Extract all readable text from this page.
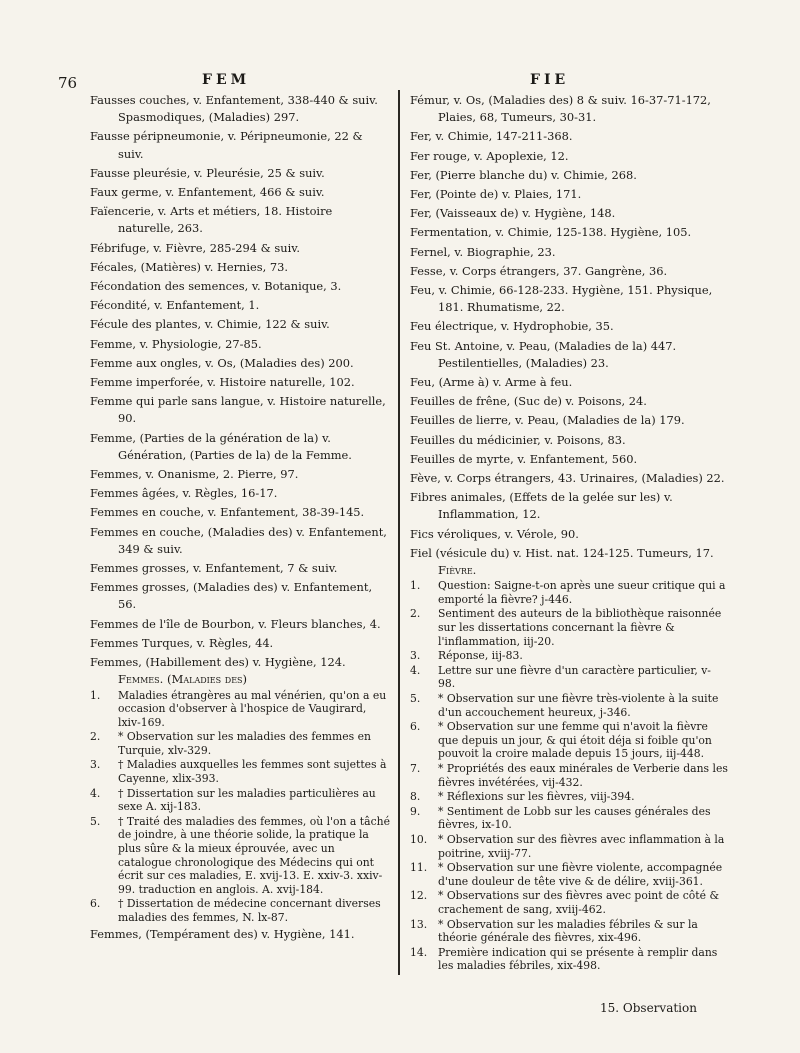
76	FEM	FIE

Fausses couches, v. Enfantement, 338-440 & suiv. Spasmodiques, (Maladies) 297.

Fausse péripneumonie, v. Péripneumonie, 22 & suiv.

Fausse pleurésie, v. Pleurésie, 25 & suiv.

Faux germe, v. Enfantement, 466 & suiv.

Faïencerie, v. Arts et métiers, 18. Histoire naturelle, 263.

Fébrifuge, v. Fièvre, 285-294 & suiv.

Fécales, (Matières) v. Hernies, 73.

Fécondation des semences, v. Botanique, 3.

Fécondité, v. Enfantement, 1.

Fécule des plantes, v. Chimie, 122 & suiv.

Femme, v. Physiologie, 27-85.

Femme aux ongles, v. Os, (Maladies des) 200.

Femme imperforée, v. Histoire naturelle, 102.

Femme qui parle sans langue, v. Histoire naturelle, 90.

Femme, (Parties de la génération de la) v. Génération, (Parties de la) de la Femme.

Femmes, v. Onanisme, 2. Pierre, 97.

Femmes âgées, v. Règles, 16-17.

Femmes en couche, v. Enfantement, 38-39-145.

Femmes en couche, (Maladies des) v. Enfantement, 349 & suiv.

Femmes grosses, v. Enfantement, 7 & suiv.

Femmes grosses, (Maladies des) v. Enfantement, 56.

Femmes de l'île de Bourbon, v. Fleurs blanches, 4.

Femmes Turques, v. Règles, 44.

Femmes, (Habillement des) v. Hygiène, 124.

Femmes. (Maladies des)

1.	Maladies étrangères au mal vénérien, qu'on a eu occasion d'observer à l'hospice de Vaugirard, lxiv-169.
2.	* Observation sur les maladies des femmes en Turquie, xlv-329.
3.	† Maladies auxquelles les femmes sont sujettes à Cayenne, xlix-393.
4.	† Dissertation sur les maladies particulières au sexe A. xij-183.
5.	† Traité des maladies des femmes, où l'on a tâché de joindre, à une théorie solide, la pratique la plus sûre & la mieux éprouvée, avec un catalogue chronologique des Médecins qui ont écrit sur ces maladies, E. xvij-13. E. xxiv-3. xxiv-99. traduction en anglois. A. xvij-184.
6.	† Dissertation de médecine concernant diverses maladies des femmes, N. lx-87.

Femmes, (Tempérament des) v. Hygiène, 141.

Fémur, v. Os, (Maladies des) 8 & suiv. 16-37-71-172, Plaies, 68, Tumeurs, 30-31.

Fer, v. Chimie, 147-211-368.

Fer rouge, v. Apoplexie, 12.

Fer, (Pierre blanche du) v. Chimie, 268.

Fer, (Pointe de) v. Plaies, 171.

Fer, (Vaisseaux de) v. Hygiène, 148.

Fermentation, v. Chimie, 125-138. Hygiène, 105.

Fernel, v. Biographie, 23.

Fesse, v. Corps étrangers, 37. Gangrène, 36.

Feu, v. Chimie, 66-128-233. Hygiène, 151. Physique, 181. Rhumatisme, 22.

Feu électrique, v. Hydrophobie, 35.

Feu St. Antoine, v. Peau, (Maladies de la) 447. Pestilentielles, (Maladies) 23.

Feu, (Arme à) v. Arme à feu.

Feuilles de frêne, (Suc de) v. Poisons, 24.

Feuilles de lierre, v. Peau, (Maladies de la) 179.

Feuilles du médicinier, v. Poisons, 83.

Feuilles de myrte, v. Enfantement, 560.

Fève, v. Corps étrangers, 43. Urinaires, (Maladies) 22.

Fibres animales, (Effets de la gelée sur les) v. Inflammation, 12.

Fics véroliques, v. Vérole, 90.

Fiel (vésicule du) v. Hist. nat. 124-125. Tumeurs, 17.

Fièvre.

1.	Question: Saigne-t-on après une sueur critique qui a emporté la fièvre? j-446.
2.	Sentiment des auteurs de la bibliothèque raisonnée sur les dissertations concernant la fièvre & l'inflammation, iij-20.
3.	Réponse, iij-83.
4.	Lettre sur une fièvre d'un caractère particulier, v-98.
5.	* Observation sur une fièvre très-violente à la suite d'un accouchement heureux, j-346.
6.	* Observation sur une femme qui n'avoit la fièvre que depuis un jour, & qui étoit déja si foible qu'on pouvoit la croire malade depuis 15 jours, iij-448.
7.	* Propriétés des eaux minérales de Verberie dans les fièvres invétérées, vij-432.
8.	* Réflexions sur les fièvres, viij-394.
9.	* Sentiment de Lobb sur les causes générales des fièvres, ix-10.
10.	* Observation sur des fièvres avec inflammation à la poitrine, xviij-77.
11.	* Observation sur une fièvre violente, accompagnée d'une douleur de tête vive & de délire, xviij-361.
12.	* Observations sur des fièvres avec point de côté & crachement de sang, xviij-462.
13.	* Observation sur les maladies fébriles & sur la théorie générale des fièvres, xix-496.
14.	Première indication qui se présente à remplir dans les maladies fébriles, xix-498.
15. Observation
